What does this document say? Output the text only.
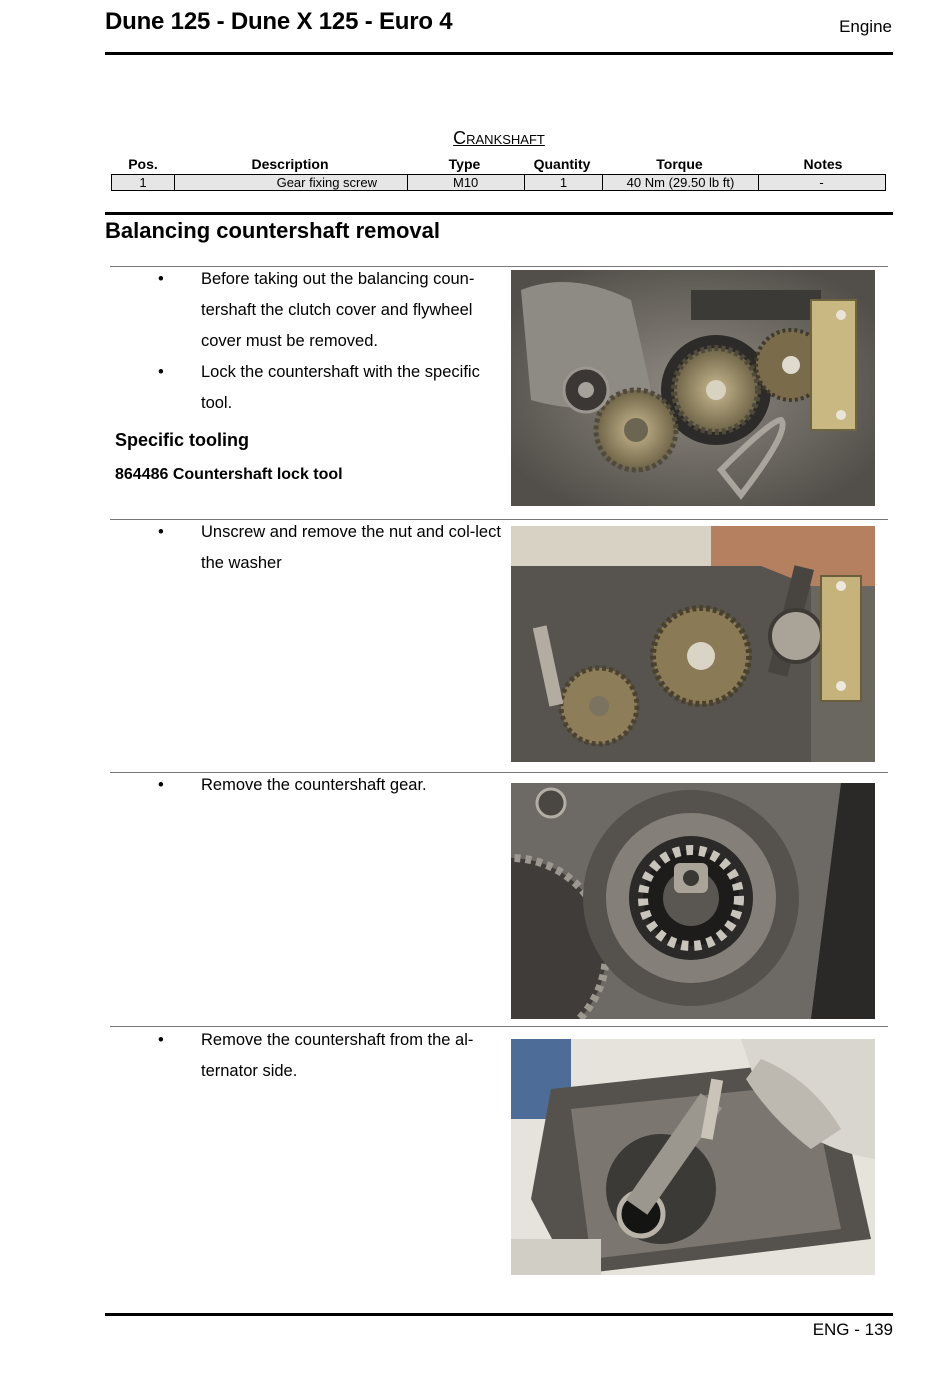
Dune 125 - Dune X 125 - Euro 4	Engine
Crankshaft
Pos.	Description	Type	Quantity	Torque	Notes
1	Gear fixing screw	M10	1	40 Nm (29.50 lb ft)	-
Balancing countershaft removal
• Before taking out the balancing coun-tershaft the clutch cover and flywheel cover must be removed.
• Lock the countershaft with the specific tool.
Specific tooling
864486 Countershaft lock tool
• Unscrew and remove the nut and col-lect the washer
• Remove the countershaft gear.
• Remove the countershaft from the al-ternator side.
ENG - 139
